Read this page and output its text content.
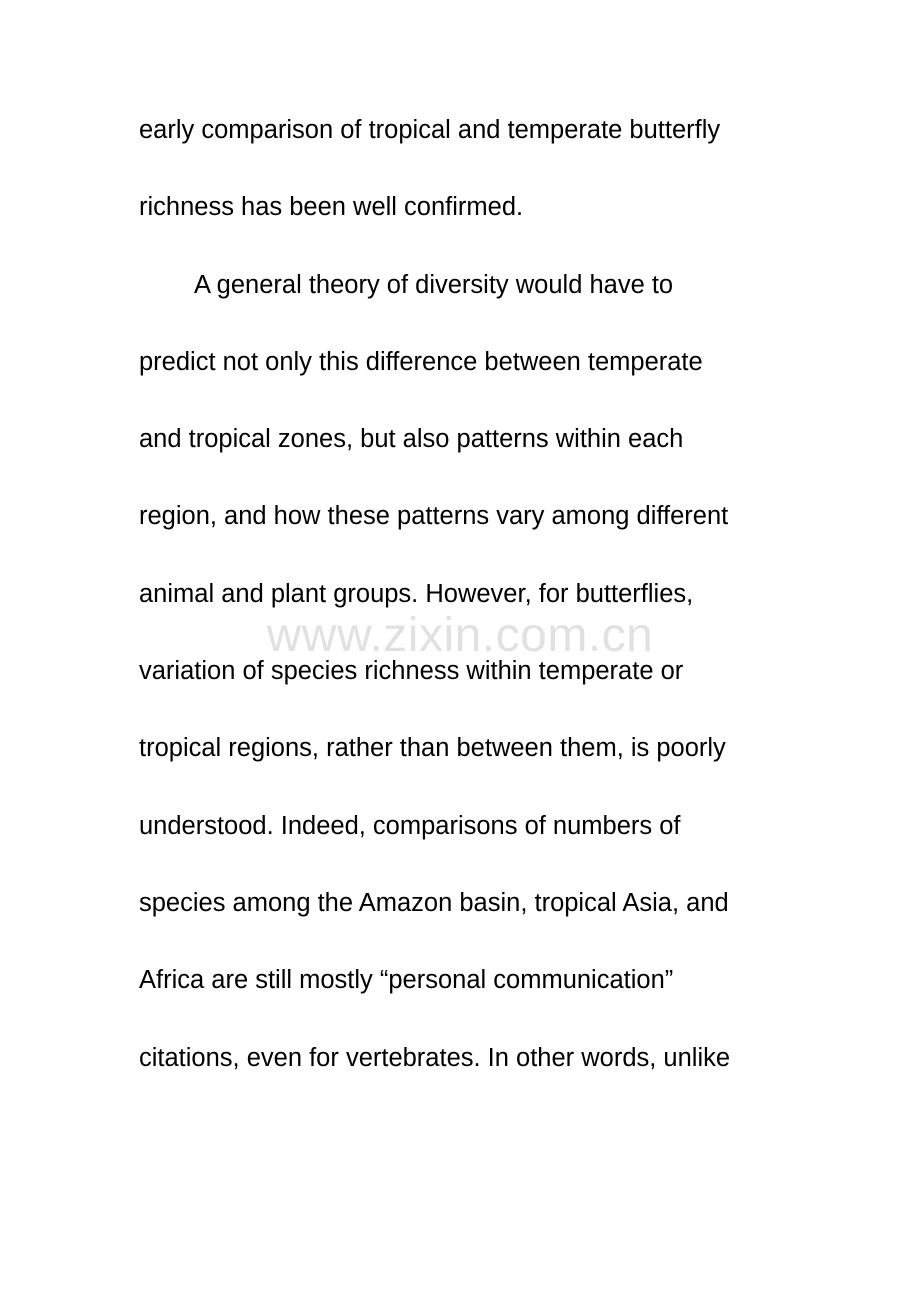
early comparison of tropical and temperate butterfly
richness has been well confirmed.
A general theory of diversity would have to
predict not only this difference between temperate
and tropical zones, but also patterns within each
region, and how these patterns vary among different
animal and plant groups. However, for butterflies,
variation of species richness within temperate or
tropical regions, rather than between them, is poorly
understood. Indeed, comparisons of numbers of
species among the Amazon basin, tropical Asia, and
Africa are still mostly “personal communication”
citations, even for vertebrates. In other words, unlike
www.zixin.com.cn
